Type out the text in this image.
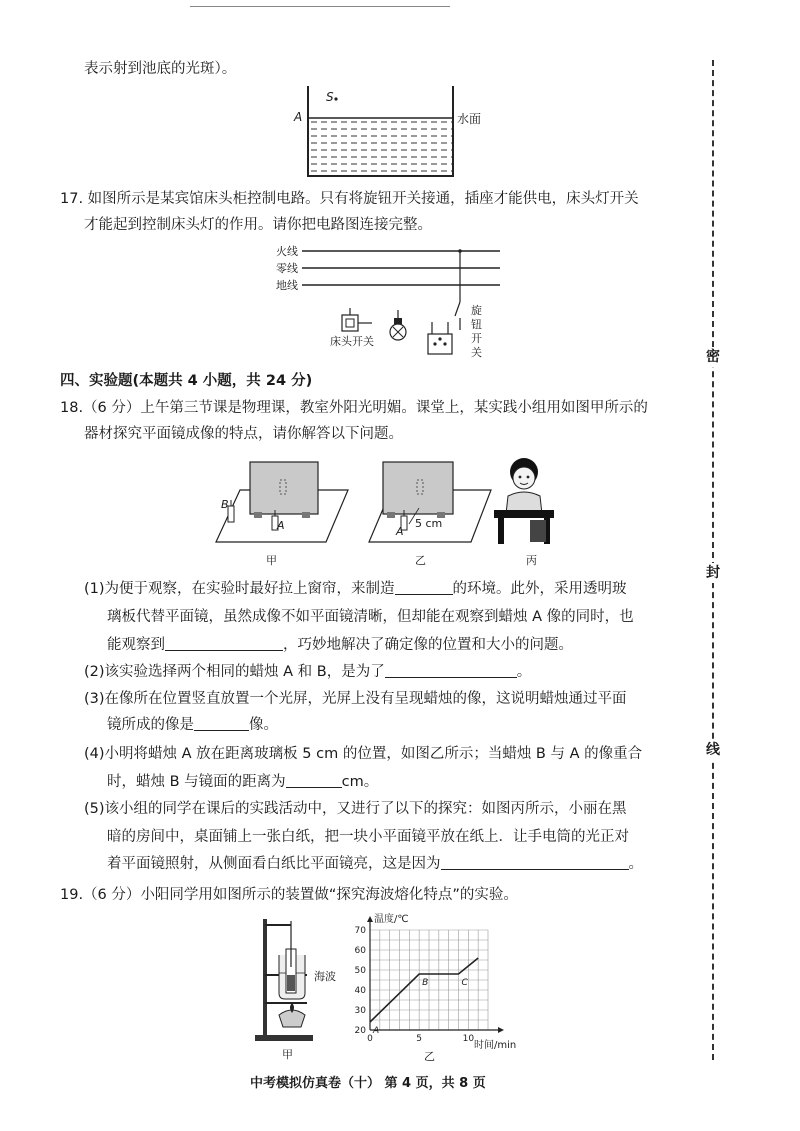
表示射到池底的光斑）。
S
A	水面
17. 如图所示是某宾馆床头柜控制电路。只有将旋钮开关接通，插座才能供电，床头灯开关
才能起到控制床头灯的作用。请你把电路图连接完整。
火线
零线
地线
床头开关
旋
钮
开
关
四、实验题(本题共 4 小题，共 24 分)
18.（6 分）上午第三节课是物理课，教室外阳光明媚。课堂上，某实践小组用如图甲所示的
器材探究平面镜成像的特点，请你解答以下问题。
B
A	A
5 cm
甲	乙	丙
(1)为便于观察，在实验时最好拉上窗帘，来制造	的环境。此外，采用透明玻
璃板代替平面镜，虽然成像不如平面镜清晰，但却能在观察到蜡烛 A 像的同时，也
能观察到	，巧妙地解决了确定像的位置和大小的问题。
(2)该实验选择两个相同的蜡烛 A 和 B，是为了	。
(3)在像所在位置竖直放置一个光屏，光屏上没有呈现蜡烛的像，这说明蜡烛通过平面
镜所成的像是	像。
(4)小明将蜡烛 A 放在距离玻璃板 5 cm 的位置，如图乙所示；当蜡烛 B 与 A 的像重合
时，蜡烛 B 与镜面的距离为	cm。
(5)该小组的同学在课后的实践活动中，又进行了以下的探究：如图丙所示，小丽在黑
暗的房间中，桌面铺上一张白纸，把一块小平面镜平放在纸上．让手电筒的光正对
着平面镜照射，从侧面看白纸比平面镜亮，这是因为	。
19.（6 分）小阳同学用如图所示的装置做“探究海波熔化特点”的实验。
海波
甲
20
30
40
50
60
70
0	5	10
A
B	C
温度/℃
时间/min
乙
密
封
线
中考模拟仿真卷（十） 第 4 页，共 8 页
